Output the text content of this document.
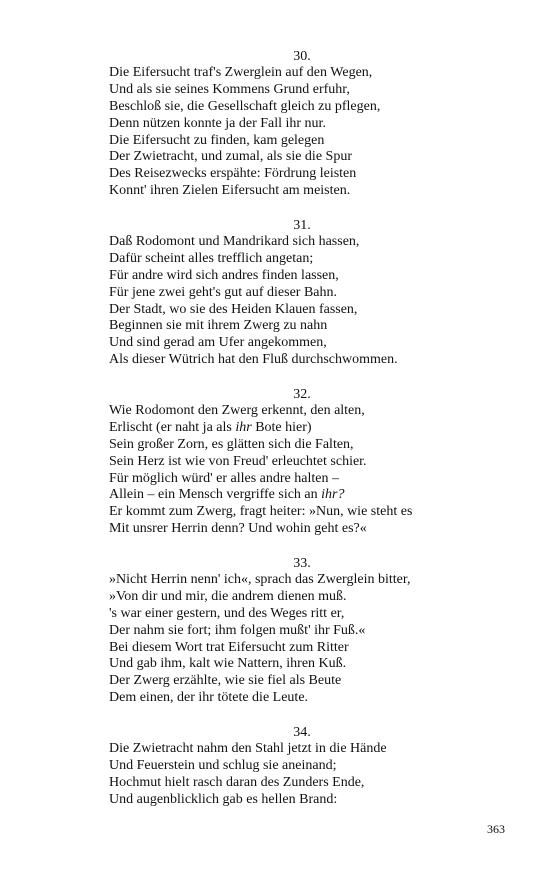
30.
Die Eifersucht traf's Zwerglein auf den Wegen,
Und als sie seines Kommens Grund erfuhr,
Beschloß sie, die Gesellschaft gleich zu pflegen,
Denn nützen konnte ja der Fall ihr nur.
Die Eifersucht zu finden, kam gelegen
Der Zwietracht, und zumal, als sie die Spur
Des Reisezwecks erspähte: Fördrung leisten
Konnt' ihren Zielen Eifersucht am meisten.
31.
Daß Rodomont und Mandrikard sich hassen,
Dafür scheint alles trefflich angetan;
Für andre wird sich andres finden lassen,
Für jene zwei geht's gut auf dieser Bahn.
Der Stadt, wo sie des Heiden Klauen fassen,
Beginnen sie mit ihrem Zwerg zu nahn
Und sind gerad am Ufer angekommen,
Als dieser Wütrich hat den Fluß durchschwommen.
32.
Wie Rodomont den Zwerg erkennt, den alten,
Erlischt (er naht ja als ihr Bote hier)
Sein großer Zorn, es glätten sich die Falten,
Sein Herz ist wie von Freud' erleuchtet schier.
Für möglich würd' er alles andre halten –
Allein – ein Mensch vergriffe sich an ihr?
Er kommt zum Zwerg, fragt heiter: »Nun, wie steht es
Mit unsrer Herrin denn? Und wohin geht es?«
33.
»Nicht Herrin nenn' ich«, sprach das Zwerglein bitter,
»Von dir und mir, die andrem dienen muß.
's war einer gestern, und des Weges ritt er,
Der nahm sie fort; ihm folgen mußt' ihr Fuß.«
Bei diesem Wort trat Eifersucht zum Ritter
Und gab ihm, kalt wie Nattern, ihren Kuß.
Der Zwerg erzählte, wie sie fiel als Beute
Dem einen, der ihr tötete die Leute.
34.
Die Zwietracht nahm den Stahl jetzt in die Hände
Und Feuerstein und schlug sie aneinand;
Hochmut hielt rasch daran des Zunders Ende,
Und augenblicklich gab es hellen Brand:
363
